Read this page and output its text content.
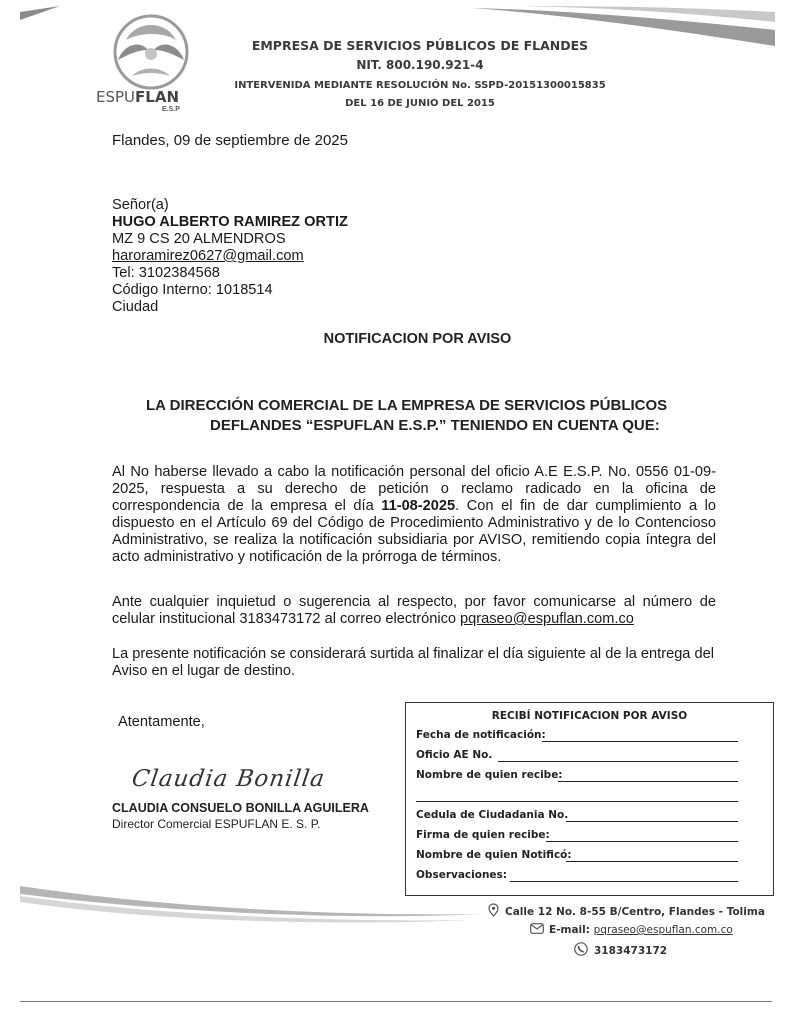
ESPUFLAN
E.S.P
EMPRESA DE SERVICIOS PÚBLICOS DE FLANDES
NIT. 800.190.921-4
INTERVENIDA MEDIANTE RESOLUCIÓN No. SSPD-20151300015835
DEL 16 DE JUNIO DEL 2015
Flandes, 09 de septiembre de 2025
Señor(a)
HUGO ALBERTO RAMIREZ ORTIZ
MZ 9 CS 20 ALMENDROS
haroramirez0627@gmail.com
Tel: 3102384568
Código Interno: 1018514
Ciudad
NOTIFICACION POR AVISO
LA DIRECCIÓN COMERCIAL DE LA EMPRESA DE SERVICIOS PÚBLICOS
DEFLANDES “ESPUFLAN E.S.P.” TENIENDO EN CUENTA QUE:
Al No haberse llevado a cabo la notificación personal del oficio A.E E.S.P. No. 0556 01-09-2025, respuesta a su derecho de petición o reclamo radicado en la oficina de correspondencia de la empresa el día 11-08-2025. Con el fin de dar cumplimiento a lo dispuesto en el Artículo 69 del Código de Procedimiento Administrativo y de lo Contencioso Administrativo, se realiza la notificación subsidiaria por AVISO, remitiendo copia íntegra del acto administrativo y notificación de la prórroga de términos.
Ante cualquier inquietud o sugerencia al respecto, por favor comunicarse al número de celular institucional 3183473172 al correo electrónico pqraseo@espuflan.com.co
La presente notificación se considerará surtida al finalizar el día siguiente al de la entrega del Aviso en el lugar de destino.
Atentamente,
Claudia Bonilla
CLAUDIA CONSUELO BONILLA AGUILERA
Director Comercial ESPUFLAN E. S. P.
RECIBÍ NOTIFICACION POR AVISO
Fecha de notificación:
Oficio AE No.
Nombre de quien recibe:
Cedula de Ciudadania No.
Firma de quien recibe:
Nombre de quien Notificó:
Observaciones:
Calle 12 No. 8-55 B/Centro, Flandes - Tolima
E-mail: pqraseo@espuflan.com.co
3183473172
